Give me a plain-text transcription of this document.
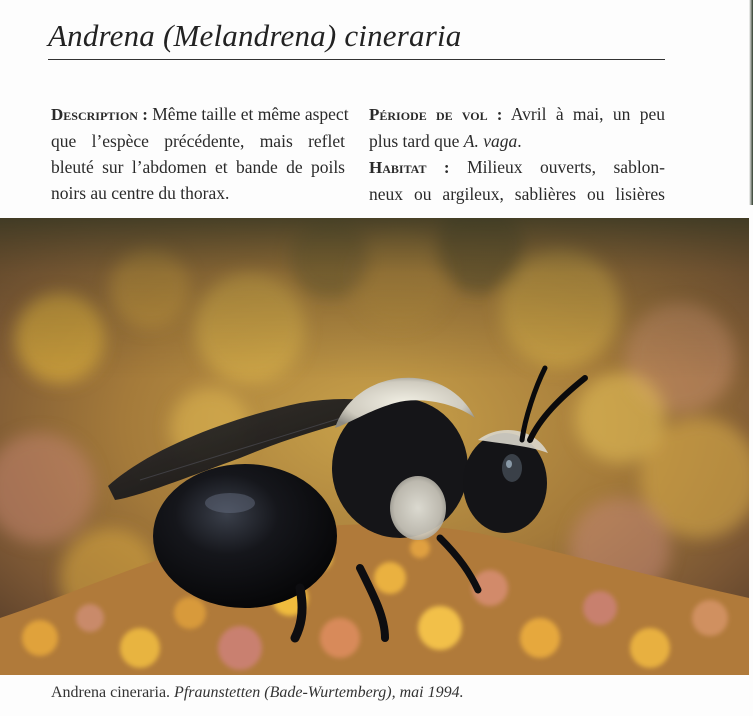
Andrena (Melandrena) cineraria
Description : Même taille et même aspect
que l’espèce précédente, mais reflet
bleuté sur l’abdomen et bande de poils
noirs au centre du thorax.
Période de vol : Avril à mai, un peu
plus tard que A. vaga.
Habitat : Milieux ouverts, sablon-
neux ou argileux, sablières ou lisières
Andrena cineraria. Pfraunstetten (Bade-Wurtemberg), mai 1994.
